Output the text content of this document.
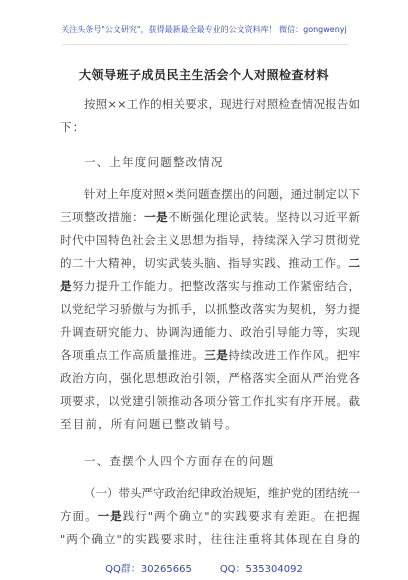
关注头条号"公文研究"，获得最新最全最专业的公文资料库！ 微信：gongwenyj
大领导班子成员民主生活会个人对照检查材料
按照××工作的相关要求，现进行对照检查情况报告如
下：
一、上年度问题整改情况
针对上年度对照×类问题查摆出的问题，通过制定以下
三项整改措施：一是不断强化理论武装。坚持以习近平新
时代中国特色社会主义思想为指导，持续深入学习贯彻党
的二十大精神，切实武装头脑、指导实践、推动工作。二
是努力提升工作能力。把整改落实与推动工作紧密结合，
以党纪学习骄傲与为抓手，以抓整改落实为契机，努力提
升调查研究能力、协调沟通能力、政治引导能力等，实现
各项重点工作高质量推进。三是持续改进工作作风。把牢
政治方向，强化思想政治引领，严格落实全面从严治党各
项要求，以党建引领推动各项分管工作扎实有序开展。截
至目前，所有问题已整改销号。
一、查摆个人四个方面存在的问题
（一）带头严守政治纪律政治规矩，维护党的团结统一
方面。一是践行"两个确立"的实践要求有差距。在把握
"两个确立"的实践要求时，往往注重将其体现在自身的
QQ群：30265665	QQ：535304092
